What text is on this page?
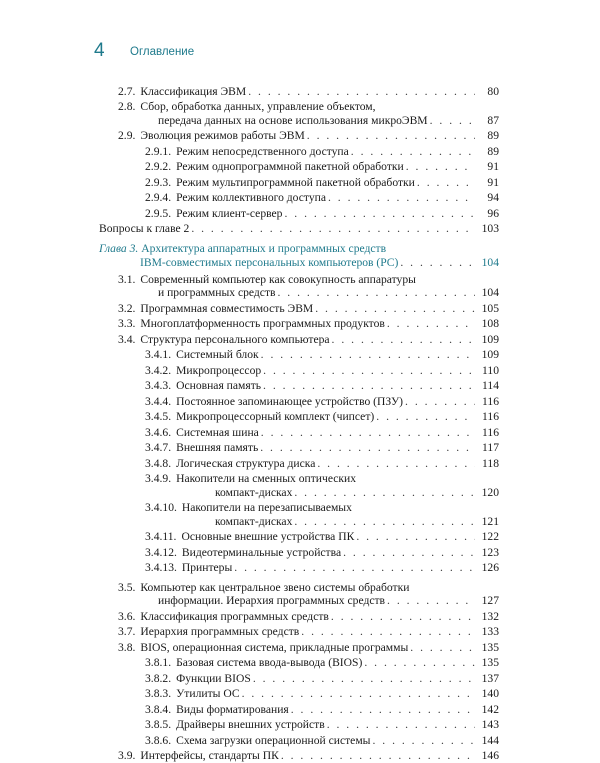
4 Оглавление
2.7. Классификация ЭВМ . . .	80
2.8. Сбор, обработка данных, управление объектом,
передача данных на основе использования микроЭВМ . . .	87
2.9. Эволюция режимов работы ЭВМ . . .	89
2.9.1. Режим непосредственного доступа . . .	89
2.9.2. Режим однопрограммной пакетной обработки . . .	91
2.9.3. Режим мультипрограммной пакетной обработки . . .	91
2.9.4. Режим коллективного доступа . . .	94
2.9.5. Режим клиент-сервер . . .	96
Вопросы к главе 2 . . .	103
Глава 3. Архитектура аппаратных и программных средств
IBM-совместимых персональных компьютеров (PC) . . .	104
3.1. Современный компьютер как совокупность аппаратуры
и программных средств . . .	104
3.2. Программная совместимость ЭВМ . . .	105
3.3. Многоплатформенность программных продуктов . . .	108
3.4. Структура персонального компьютера . . .	109
3.4.1. Системный блок . . .	109
3.4.2. Микропроцессор . . .	110
3.4.3. Основная память . . .	114
3.4.4. Постоянное запоминающее устройство (ПЗУ) . . .	116
3.4.5. Микропроцессорный комплект (чипсет) . . .	116
3.4.6. Системная шина . . .	116
3.4.7. Внешняя память . . .	117
3.4.8. Логическая структура диска . . .	118
3.4.9. Накопители на сменных оптических
компакт-дисках . . .	120
3.4.10. Накопители на перезаписываемых
компакт-дисках . . .	121
3.4.11. Основные внешние устройства ПК . . .	122
3.4.12. Видеотерминальные устройства . . .	123
3.4.13. Принтеры . . .	126
3.5. Компьютер как центральное звено системы обработки
информации. Иерархия программных средств . . .	127
3.6. Классификация программных средств . . .	132
3.7. Иерархия программных средств . . .	133
3.8. BIOS, операционная система, прикладные программы . . .	135
3.8.1. Базовая система ввода-вывода (BIOS) . . .	135
3.8.2. Функции BIOS . . .	137
3.8.3. Утилиты ОС . . .	140
3.8.4. Виды форматирования . . .	142
3.8.5. Драйверы внешних устройств . . .	143
3.8.6. Схема загрузки операционной системы . . .	144
3.9. Интерфейсы, стандарты ПК . . .	146
